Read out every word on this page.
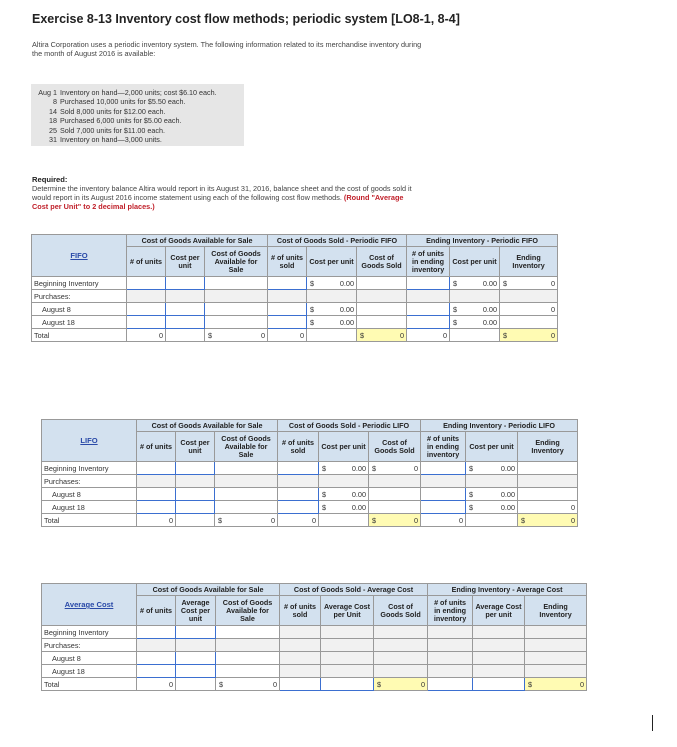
Exercise 8-13 Inventory cost flow methods; periodic system [LO8-1, 8-4]
Altira Corporation uses a periodic inventory system. The following information related to its merchandise inventory during the month of August 2016 is available:
Aug 1 Inventory on hand—2,000 units; cost $6.10 each.
8 Purchased 10,000 units for $5.50 each.
14 Sold 8,000 units for $12.00 each.
18 Purchased 6,000 units for $5.00 each.
25 Sold 7,000 units for $11.00 each.
31 Inventory on hand—3,000 units.
Required:
Determine the inventory balance Altira would report in its August 31, 2016, balance sheet and the cost of goods sold it would report in its August 2016 income statement using each of the following cost flow methods. (Round "Average Cost per Unit" to 2 decimal places.)
FIFO	Cost of Goods Available for Sale			Cost of Goods Sold - Periodic FIFO			Ending Inventory - Periodic FIFO		
	# of units	Cost per unit	Cost of Goods Available for Sale	# of units sold	Cost per unit	Cost of Goods Sold	# of units in ending inventory	Cost per unit	Ending Inventory
Beginning Inventory					$ 0.00			$ 0.00	$ 0

Purchases:									
August 8					$ 0.00			$ 0.00	0
August 18					$ 0.00			$ 0.00	

Total	0		$ 0	0		$ 0	0		$ 0
LIFO	Cost of Goods Available for Sale			Cost of Goods Sold - Periodic LIFO			Ending Inventory - Periodic LIFO		
	# of units	Cost per unit	Cost of Goods Available for Sale	# of units sold	Cost per unit	Cost of Goods Sold	# of units in ending inventory	Cost per unit	Ending Inventory
Beginning Inventory					$ 0.00	$ 0		$ 0.00	

Purchases:									
August 8					$ 0.00			$ 0.00	

August 18					$ 0.00			$ 0.00	0
Total	0		$ 0	0		$ 0	0		$ 0
Average Cost	Cost of Goods Available for Sale			Cost of Goods Sold - Average Cost			Ending Inventory - Average Cost		
	# of units	Average Cost per unit	Cost of Goods Available for Sale	# of units sold	Average Cost per Unit	Cost of Goods Sold	# of units in ending inventory	Average Cost per unit	Ending Inventory
Beginning Inventory									
Purchases:									
August 8									
August 18									
Total	0		$ 0			$ 0			$ 0
